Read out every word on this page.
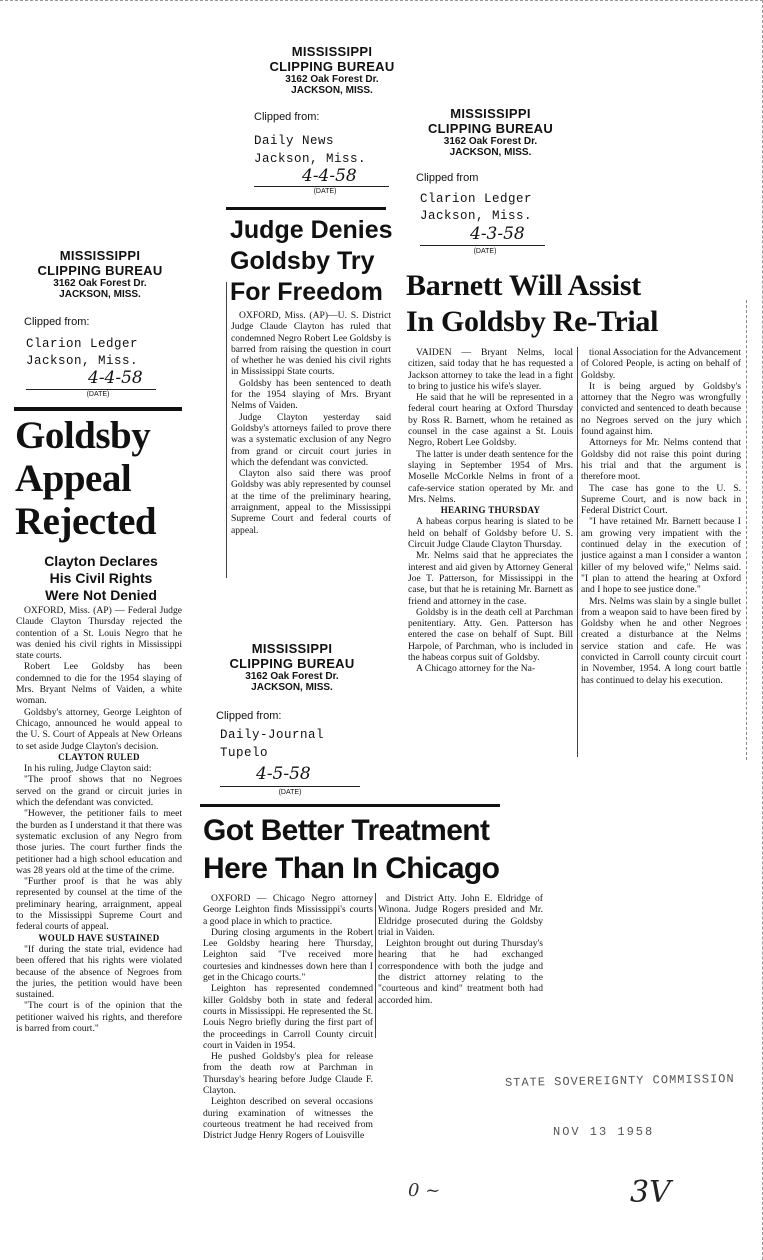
MISSISSIPPI
CLIPPING BUREAU
3162 Oak Forest Dr.
JACKSON, MISS.
Clipped from:
Daily News
Jackson, Miss.
4-4-58
(DATE)
MISSISSIPPI
CLIPPING BUREAU
3162 Oak Forest Dr.
JACKSON, MISS.
Clipped from
Clarion Ledger
Jackson, Miss.
4-3-58
(DATE)
MISSISSIPPI
CLIPPING BUREAU
3162 Oak Forest Dr.
JACKSON, MISS.
Clipped from:
Clarion Ledger
Jackson, Miss.
4-4-58
(DATE)
Goldsby
Appeal
Rejected
Clayton Declares
His Civil Rights
Were Not Denied

OXFORD, Miss. (AP) — Federal Judge Claude Clayton Thursday rejected the contention of a St. Louis Negro that he was denied his civil rights in Mississippi state courts.

Robert Lee Goldsby has been condemned to die for the 1954 slaying of Mrs. Bryant Nelms of Vaiden, a white woman.

Goldsby's attorney, George Leighton of Chicago, announced he would appeal to the U. S. Court of Appeals at New Orleans to set aside Judge Clayton's decision.

CLAYTON RULED

In his ruling, Judge Clayton said:

"The proof shows that no Negroes served on the grand or circuit juries in which the defendant was convicted.

"However, the petitioner fails to meet the burden as I understand it that there was systematic exclusion of any Negro from those juries. The court further finds the petitioner had a high school education and was 28 years old at the time of the crime.

"Further proof is that he was ably represented by counsel at the time of the preliminary hearing, arraignment, appeal to the Mississippi Supreme Court and federal courts of appeal.

WOULD HAVE SUSTAINED

"If during the state trial, evidence had been offered that his rights were violated because of the absence of Negroes from the juries, the petition would have been sustained.

"The court is of the opinion that the petitioner waived his rights, and therefore is barred from court."

Judge Denies
Goldsby Try
For Freedom

OXFORD, Miss. (AP)—U. S. District Judge Claude Clayton has ruled that condemned Negro Robert Lee Goldsby is barred from raising the question in court of whether he was denied his civil rights in Mississippi State courts.

Goldsby has been sentenced to death for the 1954 slaying of Mrs. Bryant Nelms of Vaiden.

Judge Clayton yesterday said Goldsby's attorneys failed to prove there was a systematic exclusion of any Negro from grand or circuit court juries in which the defendant was convicted.

Clayton also said there was proof Goldsby was ably represented by counsel at the time of the preliminary hearing, arraignment, appeal to the Mississippi Supreme Court and federal courts of appeal.

Barnett Will Assist
In Goldsby Re-Trial

VAIDEN — Bryant Nelms, local citizen, said today that he has requested a Jackson attorney to take the lead in a fight to bring to justice his wife's slayer.

He said that he will be represented in a federal court hearing at Oxford Thursday by Ross R. Barnett, whom he retained as counsel in the case against a St. Louis Negro, Robert Lee Goldsby.

The latter is under death sentence for the slaying in September 1954 of Mrs. Moselle McCorkle Nelms in front of a cafe-service station operated by Mr. and Mrs. Nelms.

HEARING THURSDAY

A habeas corpus hearing is slated to be held on behalf of Goldsby before U. S. Circuit Judge Claude Clayton Thursday.

Mr. Nelms said that he appreciates the interest and aid given by Attorney General Joe T. Patterson, for Mississippi in the case, but that he is retaining Mr. Barnett as friend and attorney in the case.

Goldsby is in the death cell at Parchman penitentiary. Atty. Gen. Patterson has entered the case on behalf of Supt. Bill Harpole, of Parchman, who is included in the habeas corpus suit of Goldsby.

A Chicago attorney for the Na-

tional Association for the Advancement of Colored People, is acting on behalf of Goldsby.

It is being argued by Goldsby's attorney that the Negro was wrongfully convicted and sentenced to death because no Negroes served on the jury which found against him.

Attorneys for Mr. Nelms contend that Goldsby did not raise this point during his trial and that the argument is therefore moot.

The case has gone to the U. S. Supreme Court, and is now back in Federal District Court.

"I have retained Mr. Barnett because I am growing very impatient with the continued delay in the execution of justice against a man I consider a wanton killer of my beloved wife," Nelms said. "I plan to attend the hearing at Oxford and I hope to see justice done."

Mrs. Nelms was slain by a single bullet from a weapon said to have been fired by Goldsby when he and other Negroes created a disturbance at the Nelms service station and cafe. He was convicted in Carroll county circuit court in November, 1954. A long court battle has continued to delay his execution.

MISSISSIPPI
CLIPPING BUREAU
3162 Oak Forest Dr.
JACKSON, MISS.
Clipped from:
Daily-Journal
Tupelo
4-5-58
(DATE)
Got Better Treatment
Here Than In Chicago

OXFORD — Chicago Negro attorney George Leighton finds Mississippi's courts a good place in which to practice.

During closing arguments in the Robert Lee Goldsby hearing here Thursday, Leighton said "I've received more courtesies and kindnesses down here than I get in the Chicago courts."

Leighton has represented condemned killer Goldsby both in state and federal courts in Mississippi. He represented the St. Louis Negro briefly during the first part of the proceedings in Carroll County circuit court in Vaiden in 1954.

He pushed Goldsby's plea for release from the death row at Parchman in Thursday's hearing before Judge Claude F. Clayton.

Leighton described on several occasions during examination of witnesses the courteous treatment he had received from District Judge Henry Rogers of Louisville

and District Atty. John E. Eldridge of Winona. Judge Rogers presided and Mr. Eldridge prosecuted during the Goldsby trial in Vaiden.

Leighton brought out during Thursday's hearing that he had exchanged correspondence with both the judge and the district attorney relating to the "courteous and kind" treatment both had accorded him.

STATE SOVEREIGNTY COMMISSION
NOV 13 1958
0 ~	3V
